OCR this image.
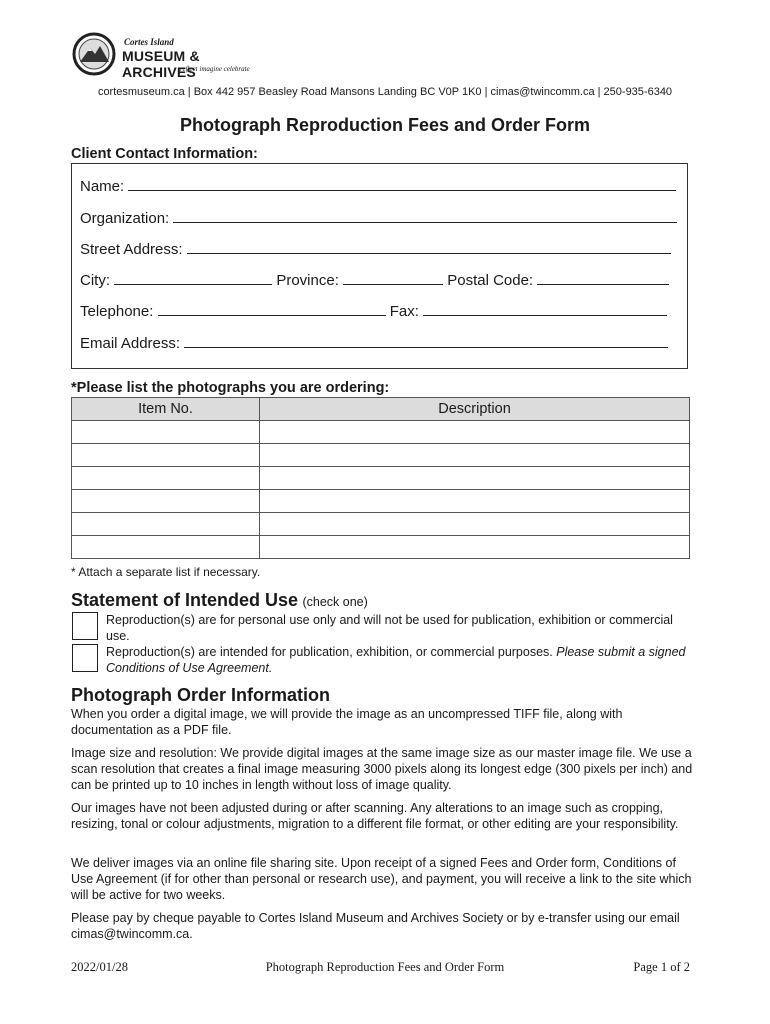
Cortes Island
MUSEUM & ARCHIVES
reflect imagine celebrate
cortesmuseum.ca | Box 442 957 Beasley Road Mansons Landing BC V0P 1K0 | cimas@twincomm.ca | 250-935-6340
Photograph Reproduction Fees and Order Form
Client Contact Information:
Name:
Organization:
Street Address:
City:	Province:	Postal Code:
Telephone:	Fax:
Email Address:
*Please list the photographs you are ordering:
Item No.	Description

* Attach a separate list if necessary.
Statement of Intended Use (check one)
Reproduction(s) are for personal use only and will not be used for publication, exhibition or commercial use.
Reproduction(s) are intended for publication, exhibition, or commercial purposes. Please submit a signed Conditions of Use Agreement.
Photograph Order Information
When you order a digital image, we will provide the image as an uncompressed TIFF file, along with documentation as a PDF file.
Image size and resolution: We provide digital images at the same image size as our master image file. We use a scan resolution that creates a final image measuring 3000 pixels along its longest edge (300 pixels per inch) and can be printed up to 10 inches in length without loss of image quality.
Our images have not been adjusted during or after scanning. Any alterations to an image such as cropping, resizing, tonal or colour adjustments, migration to a different file format, or other editing are your responsibility.
We deliver images via an online file sharing site. Upon receipt of a signed Fees and Order form, Conditions of Use Agreement (if for other than personal or research use), and payment, you will receive a link to the site which will be active for two weeks.
Please pay by cheque payable to Cortes Island Museum and Archives Society or by e-transfer using our email cimas@twincomm.ca.
2022/01/28	Photograph Reproduction Fees and Order Form	Page 1 of 2
